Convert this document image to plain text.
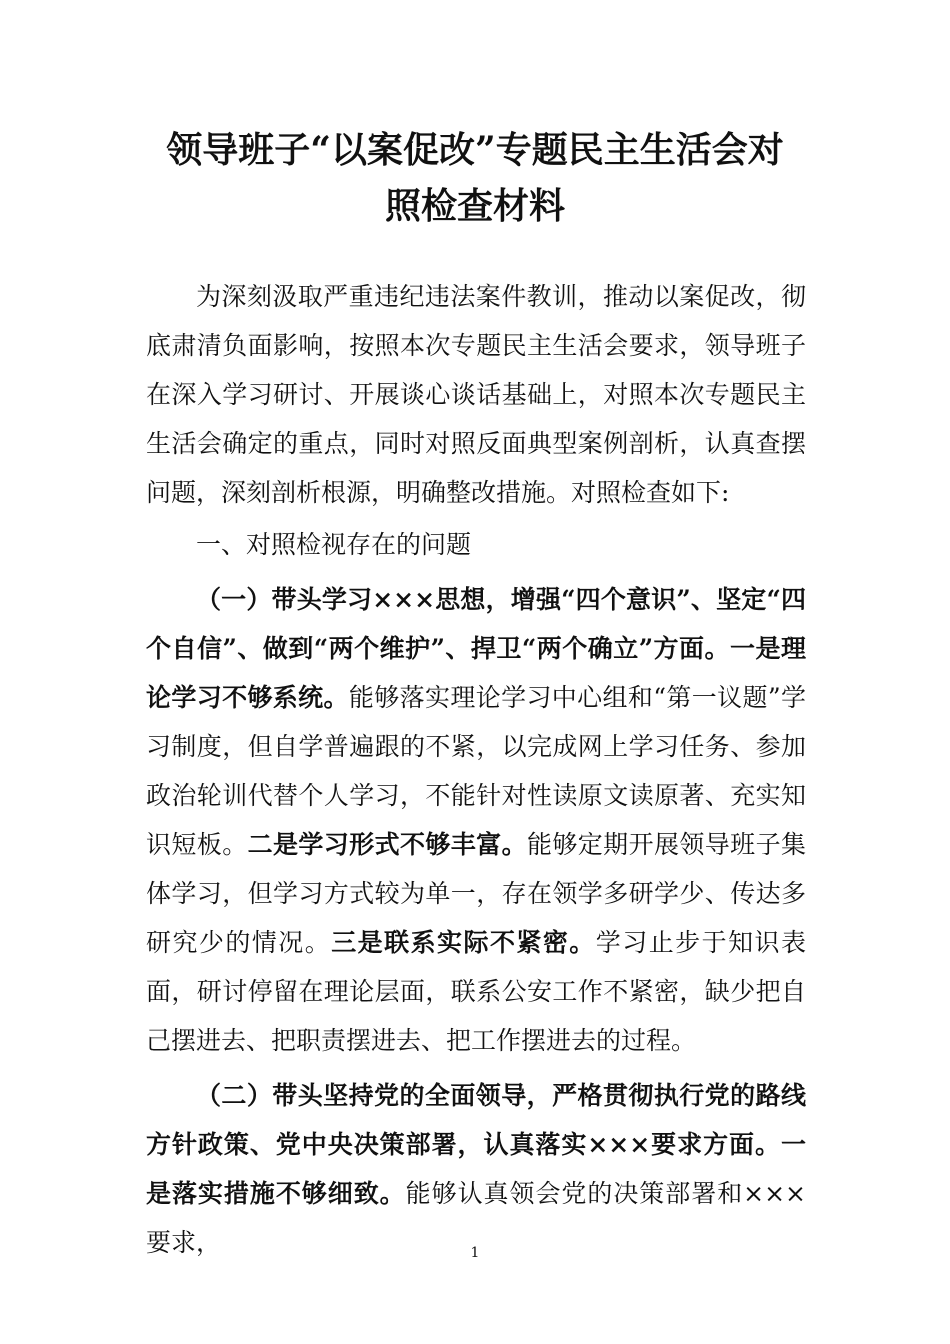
领导班子“以案促改”专题民主生活会对
照检查材料

为深刻汲取严重违纪违法案件教训，推动以案促改，彻底肃清负面影响，按照本次专题民主生活会要求，领导班子在深入学习研讨、开展谈心谈话基础上，对照本次专题民主生活会确定的重点，同时对照反面典型案例剖析，认真查摆问题，深刻剖析根源，明确整改措施。对照检查如下:

一、对照检视存在的问题

（一）带头学习×××思想，增强“四个意识”、坚定“四个自信”、做到“两个维护”、捍卫“两个确立”方面。一是理论学习不够系统。能够落实理论学习中心组和“第一议题”学习制度，但自学普遍跟的不紧，以完成网上学习任务、参加政治轮训代替个人学习，不能针对性读原文读原著、充实知识短板。二是学习形式不够丰富。能够定期开展领导班子集体学习，但学习方式较为单一，存在领学多研学少、传达多研究少的情况。三是联系实际不紧密。学习止步于知识表面，研讨停留在理论层面，联系公安工作不紧密，缺少把自己摆进去、把职责摆进去、把工作摆进去的过程。

（二）带头坚持党的全面领导，严格贯彻执行党的路线方针政策、党中央决策部署，认真落实×××要求方面。一是落实措施不够细致。能够认真领会党的决策部署和×××要求，	1
